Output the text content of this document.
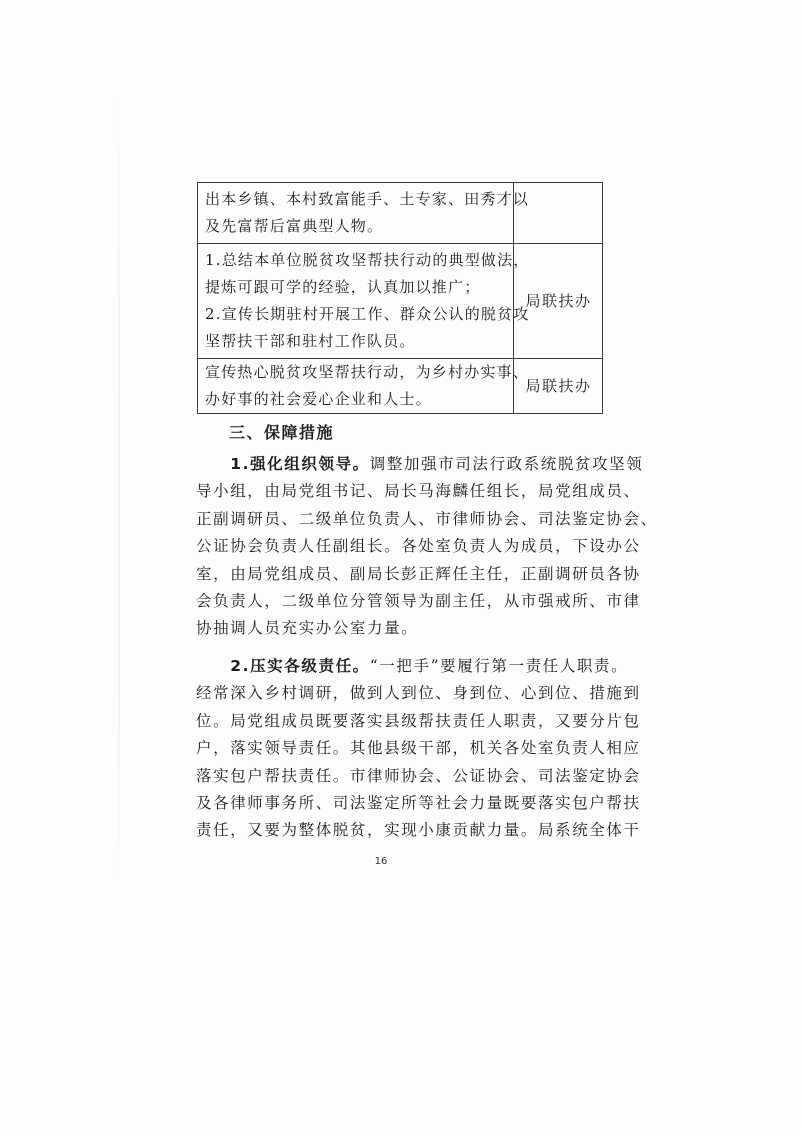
出本乡镇、本村致富能手、土专家、田秀才以
及先富帮后富典型人物。	

1.总结本单位脱贫攻坚帮扶行动的典型做法，
提炼可跟可学的经验，认真加以推广；
2.宣传长期驻村开展工作、群众公认的脱贫攻
坚帮扶干部和驻村工作队员。	局联扶办

宣传热心脱贫攻坚帮扶行动，为乡村办实事、
办好事的社会爱心企业和人士。	局联扶办
三、保障措施
　　1.强化组织领导。调整加强市司法行政系统脱贫攻坚领
导小组，由局党组书记、局长马海麟任组长，局党组成员、
正副调研员、二级单位负责人、市律师协会、司法鉴定协会、
公证协会负责人任副组长。各处室负责人为成员，下设办公
室，由局党组成员、副局长彭正辉任主任，正副调研员各协
会负责人，二级单位分管领导为副主任，从市强戒所、市律
协抽调人员充实办公室力量。
　　2.压实各级责任。“一把手”要履行第一责任人职责。
经常深入乡村调研，做到人到位、身到位、心到位、措施到
位。局党组成员既要落实县级帮扶责任人职责，又要分片包
户，落实领导责任。其他县级干部，机关各处室负责人相应
落实包户帮扶责任。市律师协会、公证协会、司法鉴定协会
及各律师事务所、司法鉴定所等社会力量既要落实包户帮扶
责任，又要为整体脱贫，实现小康贡献力量。局系统全体干
16
